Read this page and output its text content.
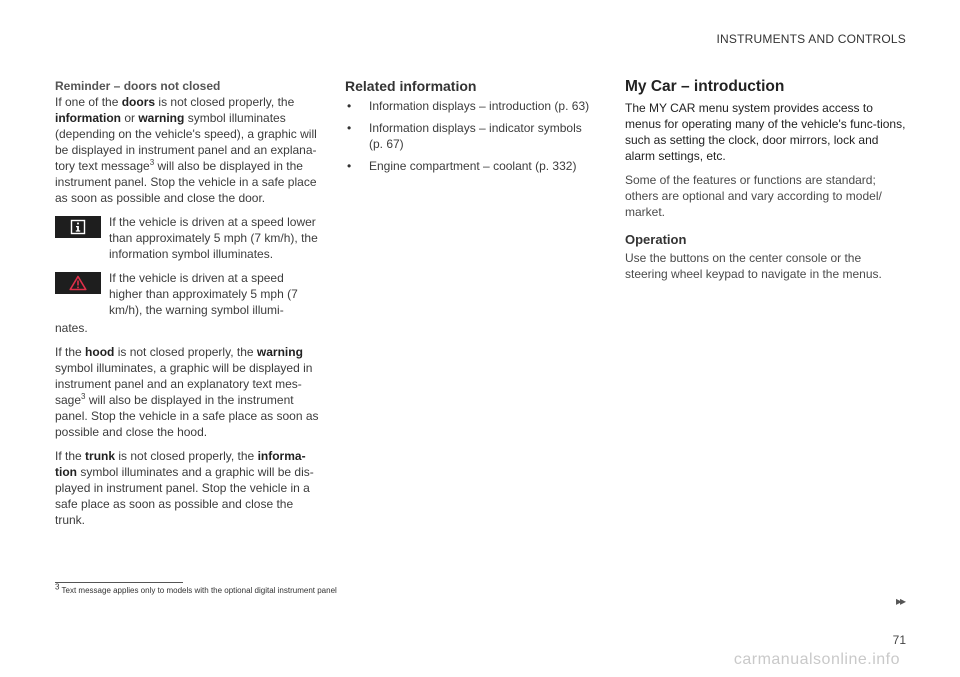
INSTRUMENTS AND CONTROLS
Reminder – doors not closed

If one of the doors is not closed properly, the information or warning symbol illuminates (depending on the vehicle's speed), a graphic will be displayed in instrument panel and an explana-tory text message$^3$ will also be displayed in the instrument panel. Stop the vehicle in a safe place as soon as possible and close the door.

If the vehicle is driven at a speed lower than approximately 5 mph (7 km/h), the information symbol illuminates.
If the vehicle is driven at a speed higher than approximately 5 mph (7 km/h), the warning symbol illumi-

nates.

If the hood is not closed properly, the warning symbol illuminates, a graphic will be displayed in instrument panel and an explanatory text mes-sage$^3$ will also be displayed in the instrument panel. Stop the vehicle in a safe place as soon as possible and close the hood.

If the trunk is not closed properly, the informa-tion symbol illuminates and a graphic will be dis-played in instrument panel. Stop the vehicle in a safe place as soon as possible and close the trunk.

Related information
• Information displays – introduction (p. 63)
• Information displays – indicator symbols (p. 67)
• Engine compartment – coolant (p. 332)
My Car – introduction

The MY CAR menu system provides access to menus for operating many of the vehicle's func-tions, such as setting the clock, door mirrors, lock and alarm settings, etc.

Some of the features or functions are standard; others are optional and vary according to model/ market.

Operation

Use the buttons on the center console or the steering wheel keypad to navigate in the menus.

$^3$ Text message applies only to models with the optional digital instrument panel
▸▸
71
carmanualsonline.info
